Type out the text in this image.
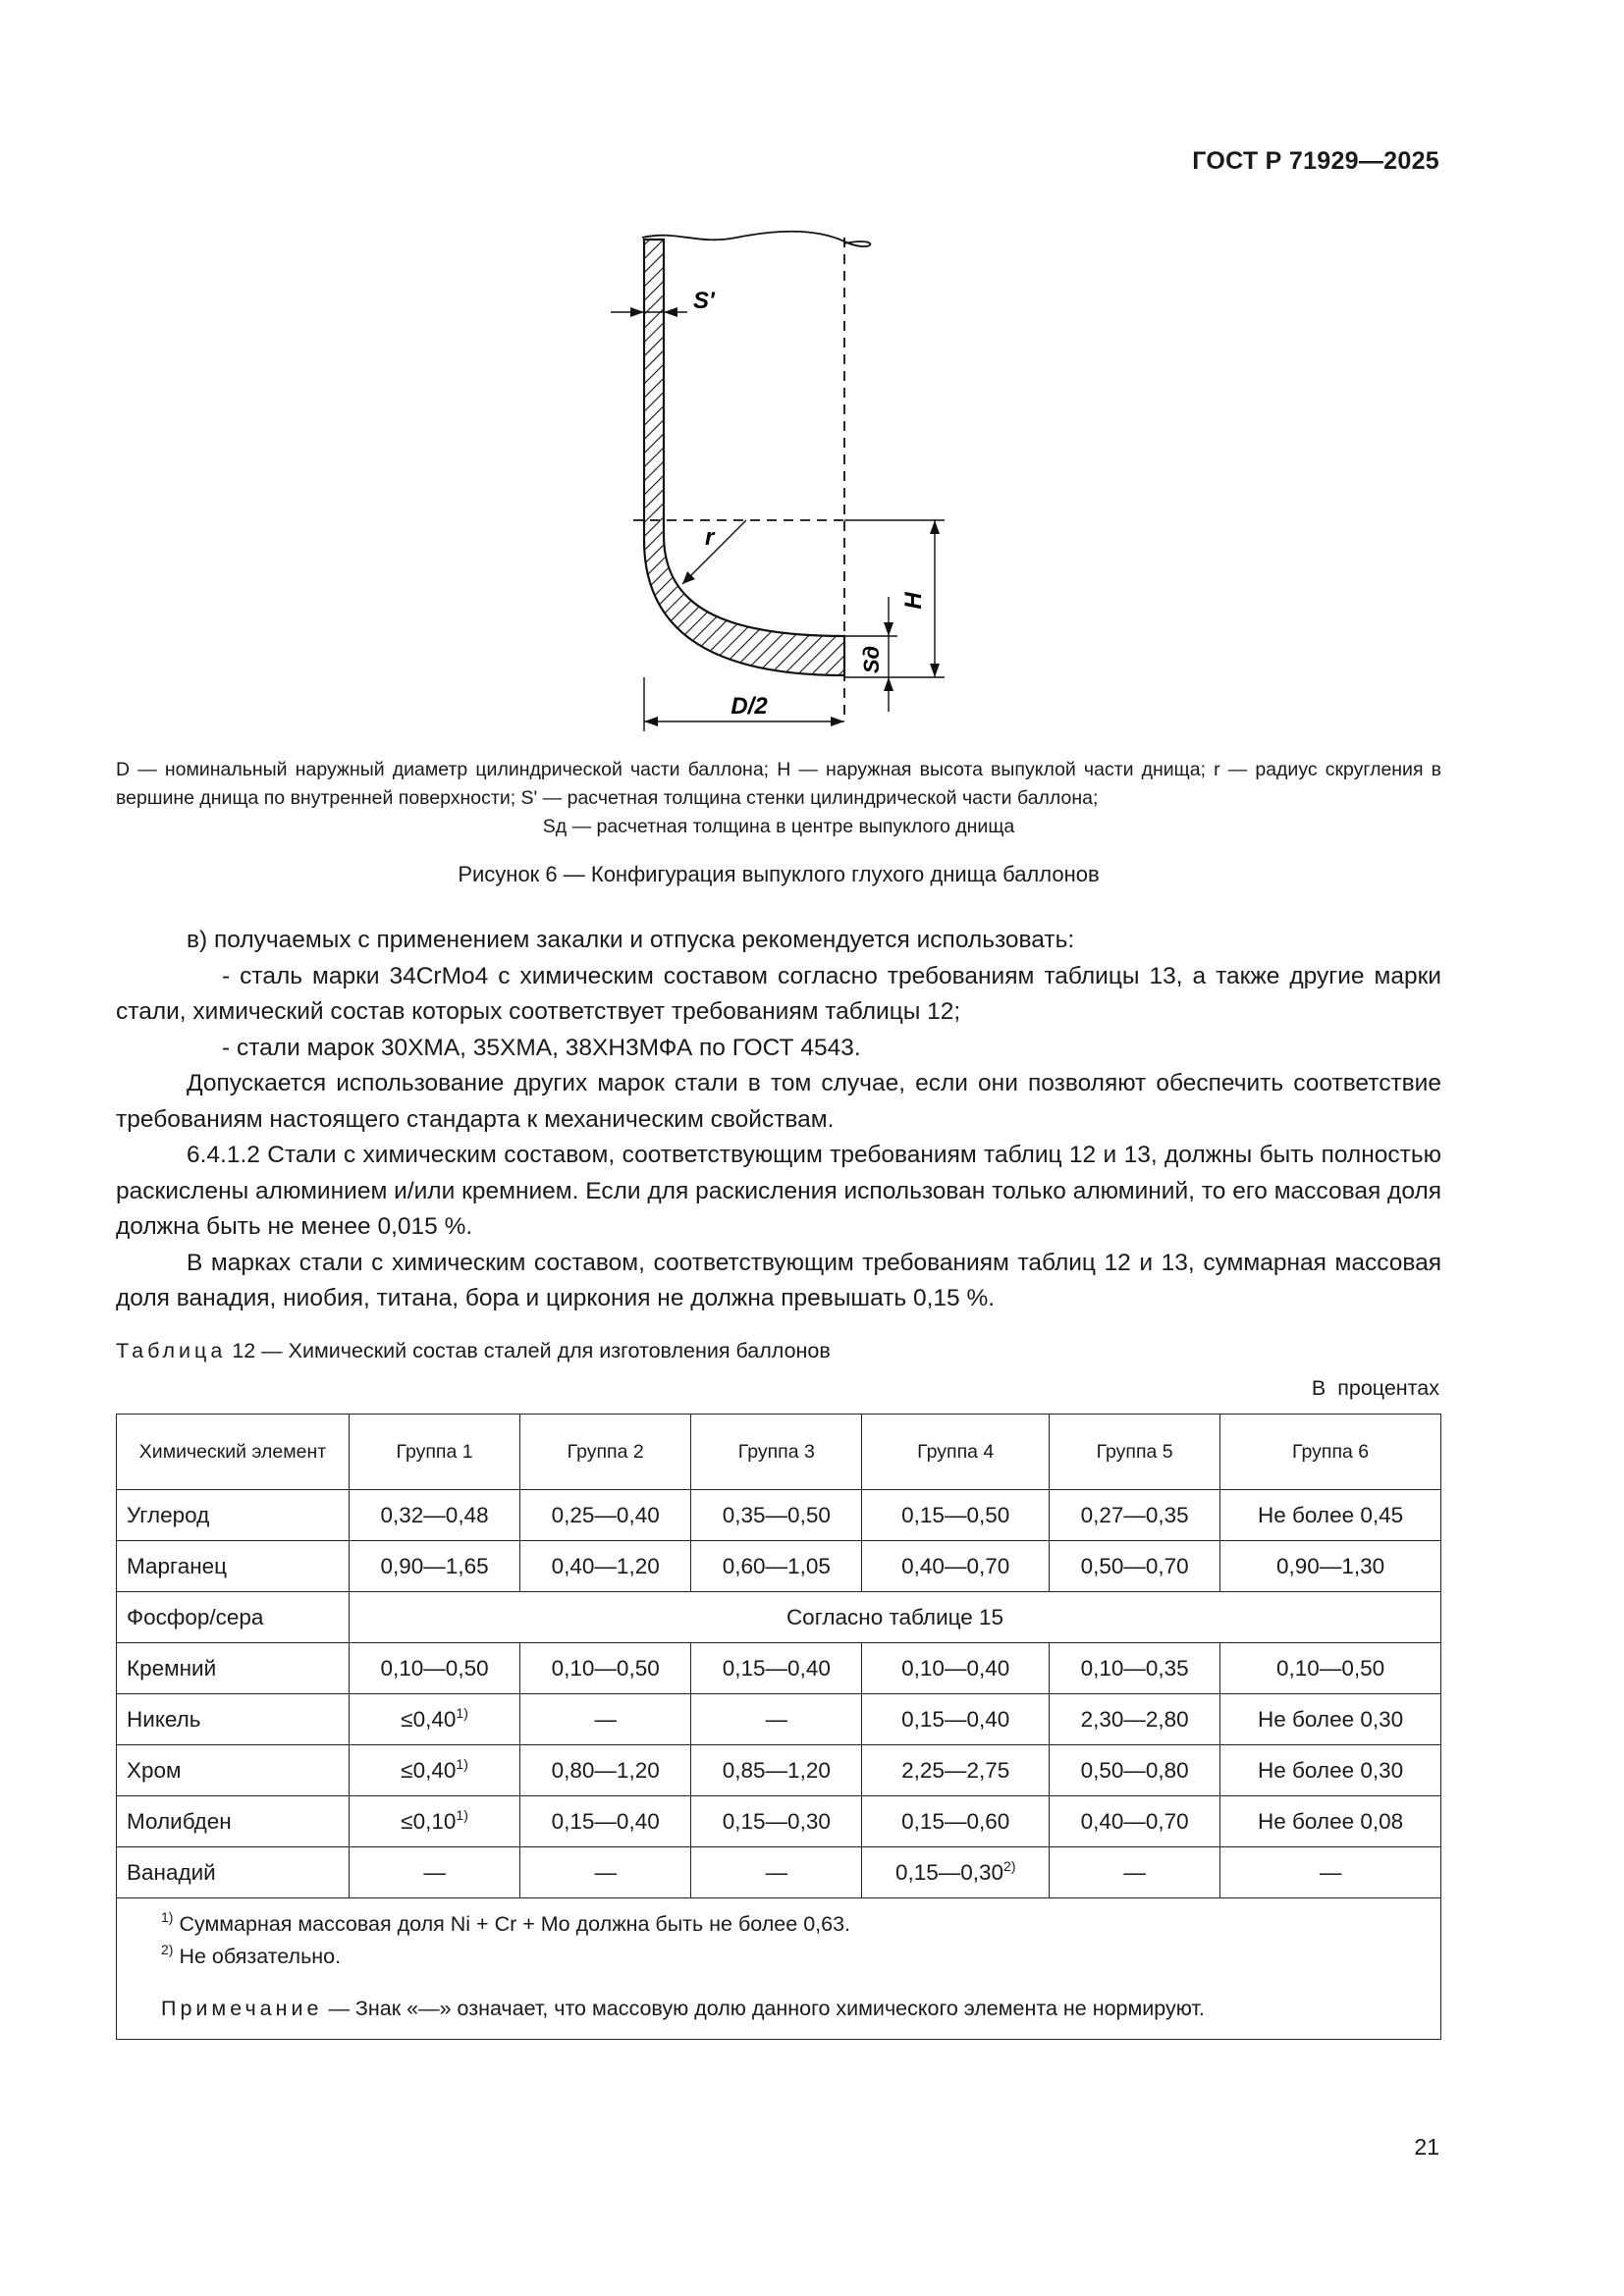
ГОСТ Р 71929—2025
H
Sд
S'
r
D/2
D — номинальный наружный диаметр цилиндрической части баллона; H — наружная высота выпуклой части днища; r — радиус скругления в вершине днища по внутренней поверхности; S' — расчетная толщина стенки цилиндрической части баллона;
Sд — расчетная толщина в центре выпуклого днища
Рисунок 6 — Конфигурация выпуклого глухого днища баллонов

в) получаемых с применением закалки и отпуска рекомендуется использовать:

- сталь марки 34CrMo4 с химическим составом согласно требованиям таблицы 13, а также другие марки стали, химический состав которых соответствует требованиям таблицы 12;

- стали марок 30ХМА, 35ХМА, 38ХН3МФА по ГОСТ 4543.

Допускается использование других марок стали в том случае, если они позволяют обеспечить соответствие требованиям настоящего стандарта к механическим свойствам.

6.4.1.2 Стали с химическим составом, соответствующим требованиям таблиц 12 и 13, должны быть полностью раскислены алюминием и/или кремнием. Если для раскисления использован только алюминий, то его массовая доля должна быть не менее 0,015 %.

В марках стали с химическим составом, соответствующим требованиям таблиц 12 и 13, суммарная массовая доля ванадия, ниобия, титана, бора и циркония не должна превышать 0,15 %.

Таблица 12 — Химический состав сталей для изготовления баллонов
В процентах
Химический элемент	Группа 1	Группа 2	Группа 3	Группа 4	Группа 5	Группа 6
Углерод	0,32—0,48	0,25—0,40	0,35—0,50	0,15—0,50	0,27—0,35	Не более 0,45
Марганец	0,90—1,65	0,40—1,20	0,60—1,05	0,40—0,70	0,50—0,70	0,90—1,30
Фосфор/сера	Согласно таблице 15					
Кремний	0,10—0,50	0,10—0,50	0,15—0,40	0,10—0,40	0,10—0,35	0,10—0,50
Никель	$\le 0,40^{1)}$	—	—	0,15—0,40	2,30—2,80	Не более 0,30
Хром	$\le 0,40^{1)}$	0,80—1,20	0,85—1,20	2,25—2,75	0,50—0,80	Не более 0,30
Молибден	$\le 0,10^{1)}$	0,15—0,40	0,15—0,30	0,15—0,60	0,40—0,70	Не более 0,08
Ванадий	—	—	—	0,15—0,30$^{2)}$	—	—

$^{1)}$ Суммарная массовая доля Ni + Cr + Mo должна быть не более 0,63.
$^{2)}$ Не обязательно.
Примечание — Знак «—» означает, что массовую долю данного химического элемента не нормируют.						
21
